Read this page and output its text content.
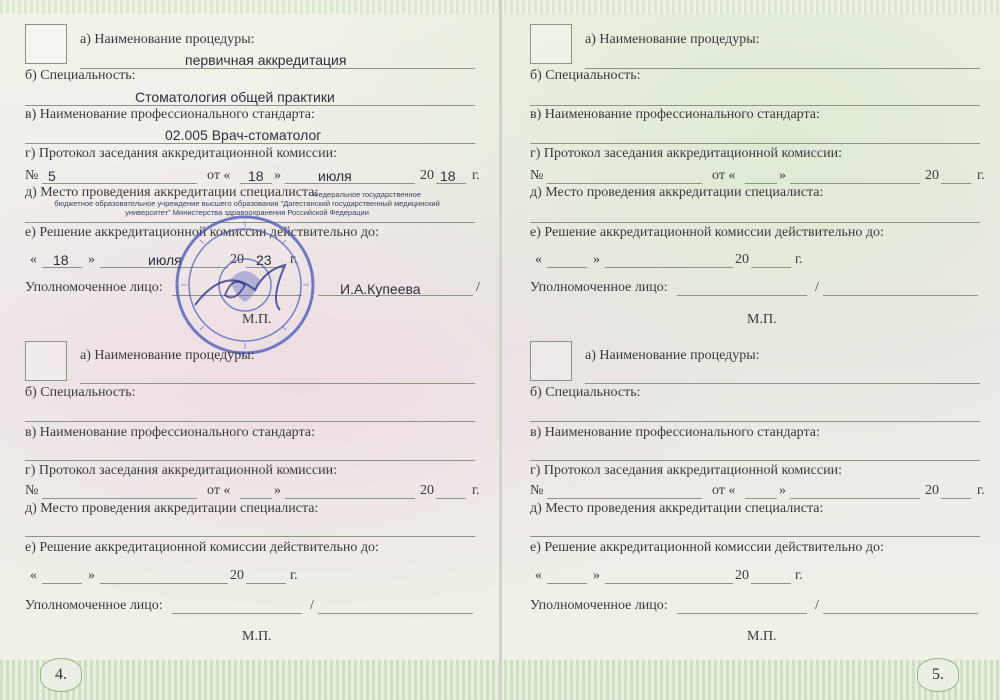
а) Наименование процедуры:
первичная аккредитация
б) Специальность:
Стоматология общей практики
в) Наименование профессионального стандарта:
02.005 Врач-стоматолог
г) Протокол заседания аккредитационной комиссии:
№ 5	от « 18 »	июля	20 18 г.
д) Место проведения аккредитации специалиста:
Федеральное государственное
бюджетное образовательное учреждение высшего образования "Дагестанский государственный медицинский
университет" Министерства здравоохранения Российской Федерации
е) Решение аккредитационной комиссии действительно до:
« 18 »	июля	20 23 г.
Уполномоченное лицо:	И.А.Купеева	/
М.П.
а) Наименование процедуры:
б) Специальность:
в) Наименование профессионального стандарта:
г) Протокол заседания аккредитационной комиссии:
№	от «	»	20	г.
д) Место проведения аккредитации специалиста:
е) Решение аккредитационной комиссии действительно до:
«	»	20	г.
Уполномоченное лицо:	/
М.П.
4.
а) Наименование процедуры:
б) Специальность:
в) Наименование профессионального стандарта:
г) Протокол заседания аккредитационной комиссии:
№	от «	»	20	г.
д) Место проведения аккредитации специалиста:
е) Решение аккредитационной комиссии действительно до:
«	»	20	г.
Уполномоченное лицо:	/
М.П.
а) Наименование процедуры:
б) Специальность:
в) Наименование профессионального стандарта:
г) Протокол заседания аккредитационной комиссии:
№	от «	»	20	г.
д) Место проведения аккредитации специалиста:
е) Решение аккредитационной комиссии действительно до:
«	»	20	г.
Уполномоченное лицо:	/
М.П.
5.
